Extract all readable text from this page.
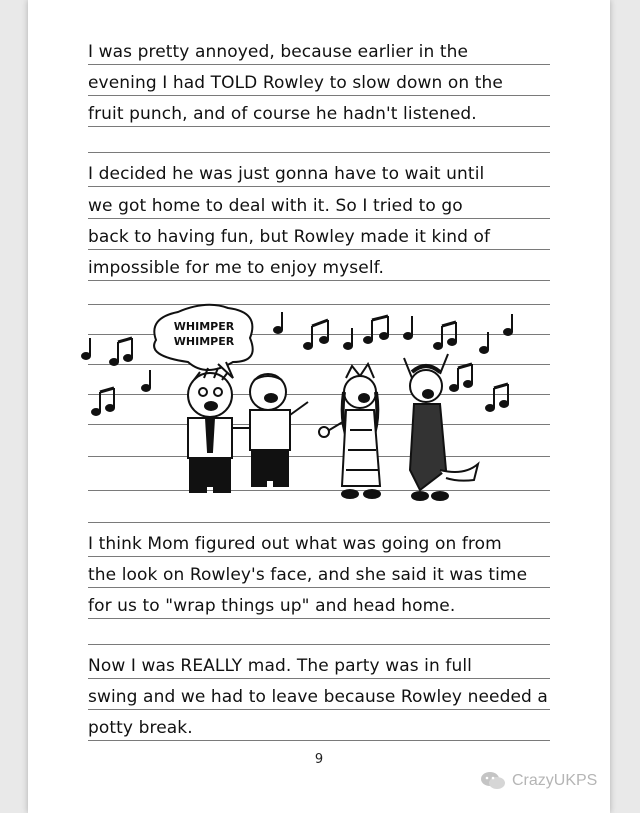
I was pretty annoyed, because earlier in the
evening I had TOLD Rowley to slow down on the
fruit punch, and of course he hadn't listened.
I decided he was just gonna have to wait until
we got home to deal with it. So I tried to go
back to having fun, but Rowley made it kind of
impossible for me to enjoy myself.
WHIMPER
WHIMPER
I think Mom figured out what was going on from
the look on Rowley's face, and she said it was time
for us to "wrap things up" and head home.
Now I was REALLY mad. The party was in full
swing and we had to leave because Rowley needed a
potty break.
9
CrazyUKPS
